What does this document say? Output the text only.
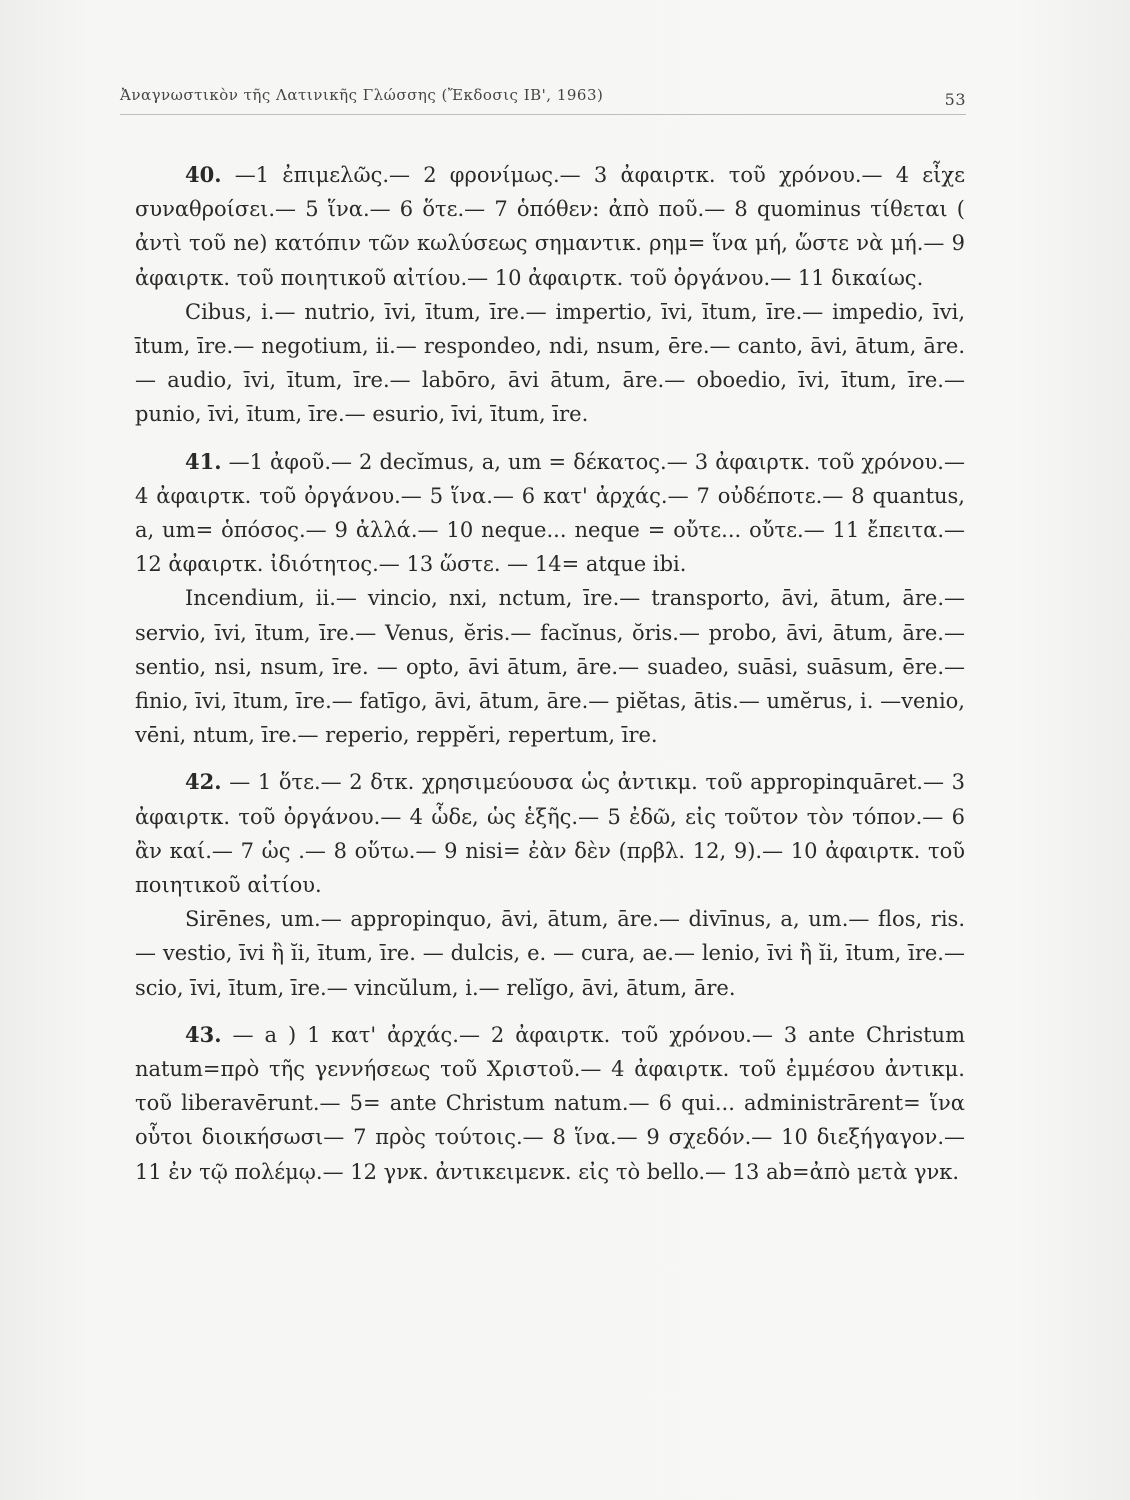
Ἀναγνωστικὸν τῆς Λατινικῆς Γλώσσης (Ἔκδοσις ΙΒ', 1963)	53

40. —1 ἐπιμελῶς.— 2 φρονίμως.— 3 ἀφαιρτκ. τοῦ χρόνου.— 4 εἶχε συναθροίσει.— 5 ἵνα.— 6 ὅτε.— 7 ὁπόθεν: ἀπὸ ποῦ.— 8 quominus τίθεται ( ἀντὶ τοῦ ne) κατόπιν τῶν κωλύσεως σημαντικ. ρημ= ἵνα μή, ὥστε νὰ μή.— 9 ἀφαιρτκ. τοῦ ποιητικοῦ αἰτίου.— 10 ἀφαιρτκ. τοῦ ὀργάνου.— 11 δικαίως.

Cibus, i.— nutrio, īvi, ītum, īre.— impertio, īvi, ītum, īre.— impedio, īvi, ītum, īre.— negotium, ii.— respondeo, ndi, nsum, ēre.— canto, āvi, ātum, āre.— audio, īvi, ītum, īre.— labōro, āvi ātum, āre.— oboedio, īvi, ītum, īre.— punio, īvi, ītum, īre.— esurio, īvi, ītum, īre.

41. —1 ἀφοῦ.— 2 decĭmus, a, um = δέκατος.— 3 ἀφαιρτκ. τοῦ χρόνου.— 4 ἀφαιρτκ. τοῦ ὀργάνου.— 5 ἵνα.— 6 κατ' ἀρχάς.— 7 οὐδέποτε.— 8 quantus, a, um= ὁπόσος.— 9 ἀλλά.— 10 neque... neque = οὔτε... οὔτε.— 11 ἔπειτα.— 12 ἀφαιρτκ. ἰδιότητος.— 13 ὥστε. — 14= atque ibi.

Incendium, ii.— vincio, nxi, nctum, īre.— transporto, āvi, ātum, āre.— servio, īvi, ītum, īre.— Venus, ĕris.— facĭnus, ŏris.— probo, āvi, ātum, āre.— sentio, nsi, nsum, īre. — opto, āvi ātum, āre.— suadeo, suāsi, suāsum, ēre.— finio, īvi, ītum, īre.— fatīgo, āvi, ātum, āre.— piĕtas, ātis.— umĕrus, i. —venio, vēni, ntum, īre.— reperio, reppĕri, repertum, īre.

42. — 1 ὅτε.— 2 δτκ. χρησιμεύουσα ὡς ἀντικμ. τοῦ appropinquāret.— 3 ἀφαιρτκ. τοῦ ὀργάνου.— 4 ὧδε, ὡς ἑξῆς.— 5 ἐδῶ, εἰς τοῦτον τὸν τόπον.— 6 ἂν καί.— 7 ὡς .— 8 οὕτω.— 9 nisi= ἐὰν δὲν (πρβλ. 12, 9).— 10 ἀφαιρτκ. τοῦ ποιητικοῦ αἰτίου.

Sirēnes, um.— appropinquo, āvi, ātum, āre.— divīnus, a, um.— flos, ris.— vestio, īvi ἢ ĭi, ītum, īre. — dulcis, e. — cura, ae.— lenio, īvi ἢ ĭi, ītum, īre.— scio, īvi, ītum, īre.— vincŭlum, i.— relĭgo, āvi, ātum, āre.

43. — a ) 1 κατ' ἀρχάς.— 2 ἀφαιρτκ. τοῦ χρόνου.— 3 ante Christum natum=πρὸ τῆς γεννήσεως τοῦ Χριστοῦ.— 4 ἀφαιρτκ. τοῦ ἐμμέσου ἀντικμ. τοῦ liberavērunt.— 5= ante Christum natum.— 6 qui... administrārent= ἵνα οὗτοι διοικήσωσι— 7 πρὸς τούτοις.— 8 ἵνα.— 9 σχεδόν.— 10 διεξήγαγον.— 11 ἐν τῷ πολέμῳ.— 12 γνκ. ἀντικειμενκ. εἰς τὸ bello.— 13 ab=ἀπὸ μετὰ γνκ.
